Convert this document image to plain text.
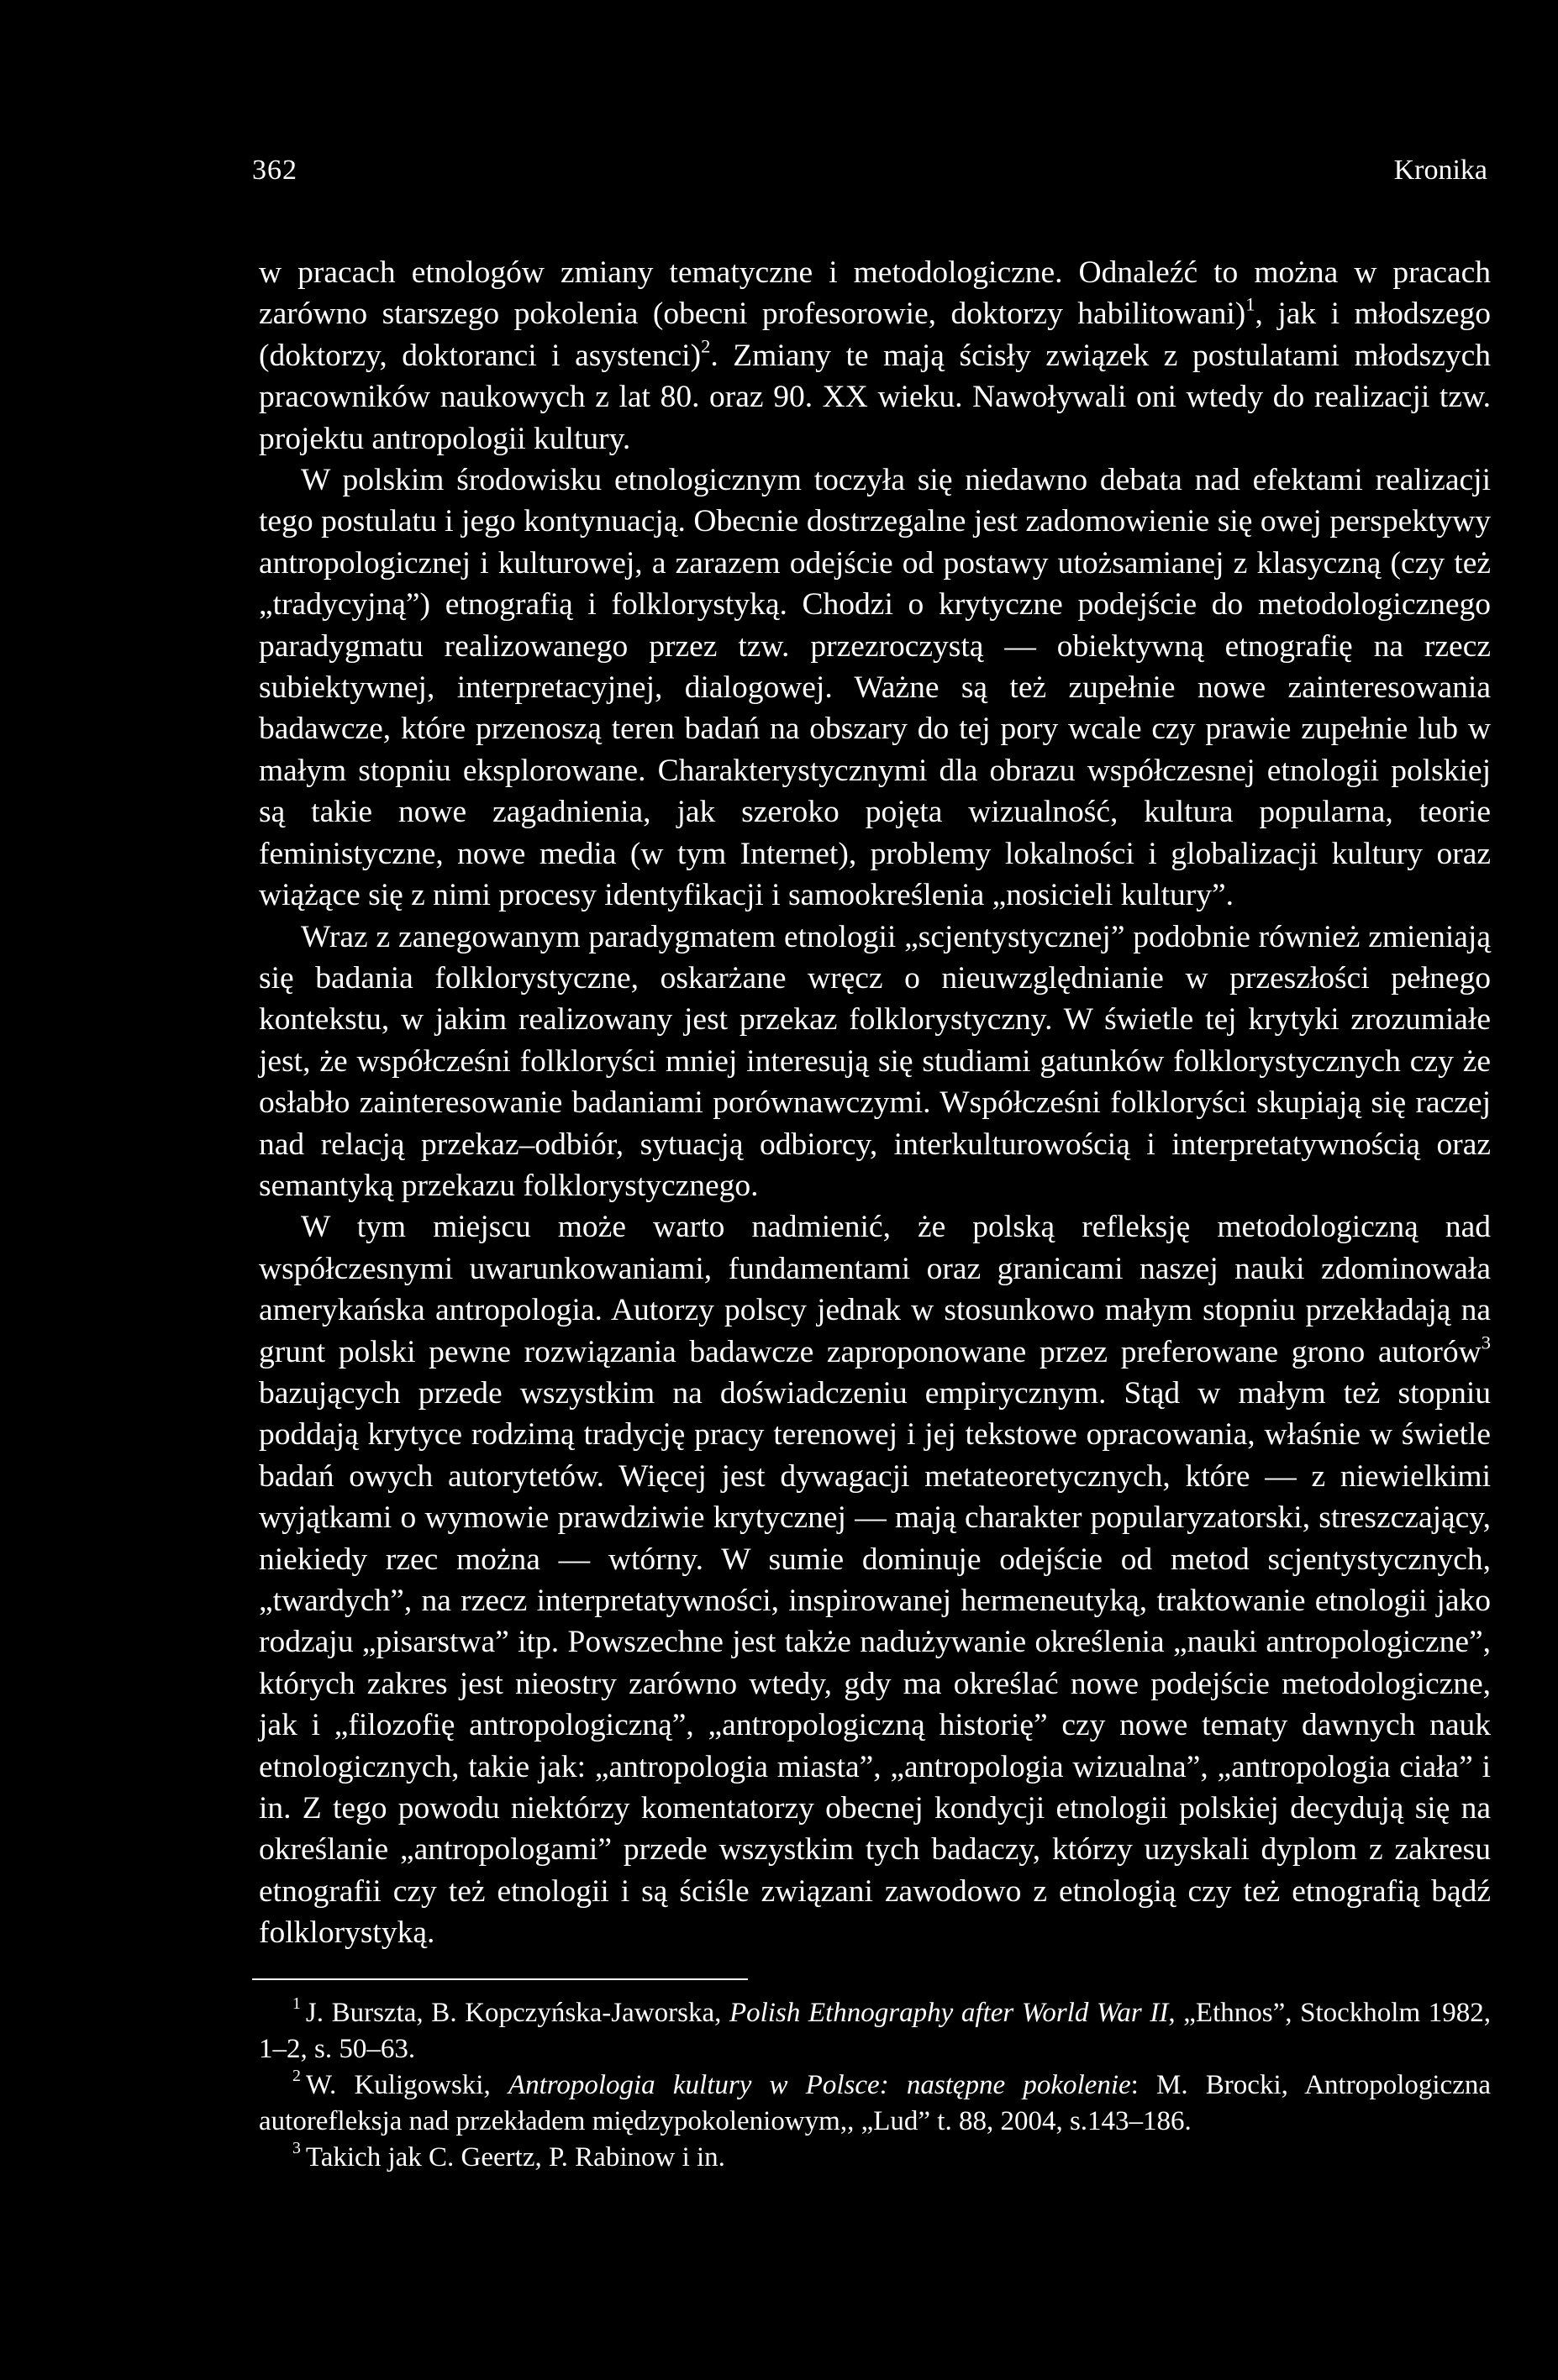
362	Kronika

w pracach etnologów zmiany tematyczne i metodologiczne. Odnaleźć to można w pracach zarówno starszego pokolenia (obecni profesorowie, doktorzy habilitowani)$^1$, jak i młodszego (doktorzy, doktoranci i asystenci)$^2$. Zmiany te mają ścisły związek z postulatami młodszych pracowników naukowych z lat 80. oraz 90. XX wieku. Nawoływali oni wtedy do realizacji tzw. projektu antropologii kultury.

W polskim środowisku etnologicznym toczyła się niedawno debata nad efektami realizacji tego postulatu i jego kontynuacją. Obecnie dostrzegalne jest zadomowienie się owej perspektywy antropologicznej i kulturowej, a zarazem odejście od postawy utożsamianej z klasyczną (czy też „tradycyjną”) etnografią i folklorystyką. Chodzi o krytyczne podejście do metodologicznego paradygmatu realizowanego przez tzw. przezroczystą — obiektywną etnografię na rzecz subiektywnej, interpretacyjnej, dialogowej. Ważne są też zupełnie nowe zainteresowania badawcze, które przenoszą teren badań na obszary do tej pory wcale czy prawie zupełnie lub w małym stopniu eksplorowane. Charakterystycznymi dla obrazu współczesnej etnologii polskiej są takie nowe zagadnienia, jak szeroko pojęta wizualność, kultura popularna, teorie feministyczne, nowe media (w tym Internet), problemy lokalności i globalizacji kultury oraz wiążące się z nimi procesy identyfikacji i samookreślenia „nosicieli kultury”.

Wraz z zanegowanym paradygmatem etnologii „scjentystycznej” podobnie również zmieniają się badania folklorystyczne, oskarżane wręcz o nieuwzględnianie w przeszłości pełnego kontekstu, w jakim realizowany jest przekaz folklorystyczny. W świetle tej krytyki zrozumiałe jest, że współcześni folkloryści mniej interesują się studiami gatunków folklorystycznych czy że osłabło zainteresowanie badaniami porównawczymi. Współcześni folkloryści skupiają się raczej nad relacją przekaz–odbiór, sytuacją odbiorcy, interkulturowością i interpretatywnością oraz semantyką przekazu folklorystycznego.

W tym miejscu może warto nadmienić, że polską refleksję metodologiczną nad współczesnymi uwarunkowaniami, fundamentami oraz granicami naszej nauki zdominowała amerykańska antropologia. Autorzy polscy jednak w stosunkowo małym stopniu przekładają na grunt polski pewne rozwiązania badawcze zaproponowane przez preferowane grono autorów$^3$ bazujących przede wszystkim na doświadczeniu empirycznym. Stąd w małym też stopniu poddają krytyce rodzimą tradycję pracy terenowej i jej tekstowe opracowania, właśnie w świetle badań owych autorytetów. Więcej jest dywagacji metateoretycznych, które — z niewielkimi wyjątkami o wymowie prawdziwie krytycznej — mają charakter popularyzatorski, streszczający, niekiedy rzec można — wtórny. W sumie dominuje odejście od metod scjentystycznych, „twardych”, na rzecz interpretatywności, inspirowanej hermeneutyką, traktowanie etnologii jako rodzaju „pisarstwa” itp. Powszechne jest także nadużywanie określenia „nauki antropologiczne”, których zakres jest nieostry zarówno wtedy, gdy ma określać nowe podejście metodologiczne, jak i „filozofię antropologiczną”, „antropologiczną historię” czy nowe tematy dawnych nauk etnologicznych, takie jak: „antropologia miasta”, „antropologia wizualna”, „antropologia ciała” i in. Z tego powodu niektórzy komentatorzy obecnej kondycji etnologii polskiej decydują się na określanie „antropologami” przede wszystkim tych badaczy, którzy uzyskali dyplom z zakresu etnografii czy też etnologii i są ściśle związani zawodowo z etnologią czy też etnografią bądź folklorystyką.

$^1$ J. Burszta, B. Kopczyńska-Jaworska, Polish Ethnography after World War II, „Ethnos”, Stockholm 1982, 1–2, s. 50–63.

$^2$ W. Kuligowski, Antropologia kultury w Polsce: następne pokolenie: M. Brocki, Antropologiczna autorefleksja nad przekładem międzypokoleniowym,, „Lud” t. 88, 2004, s.143–186.

$^3$ Takich jak C. Geertz, P. Rabinow i in.
